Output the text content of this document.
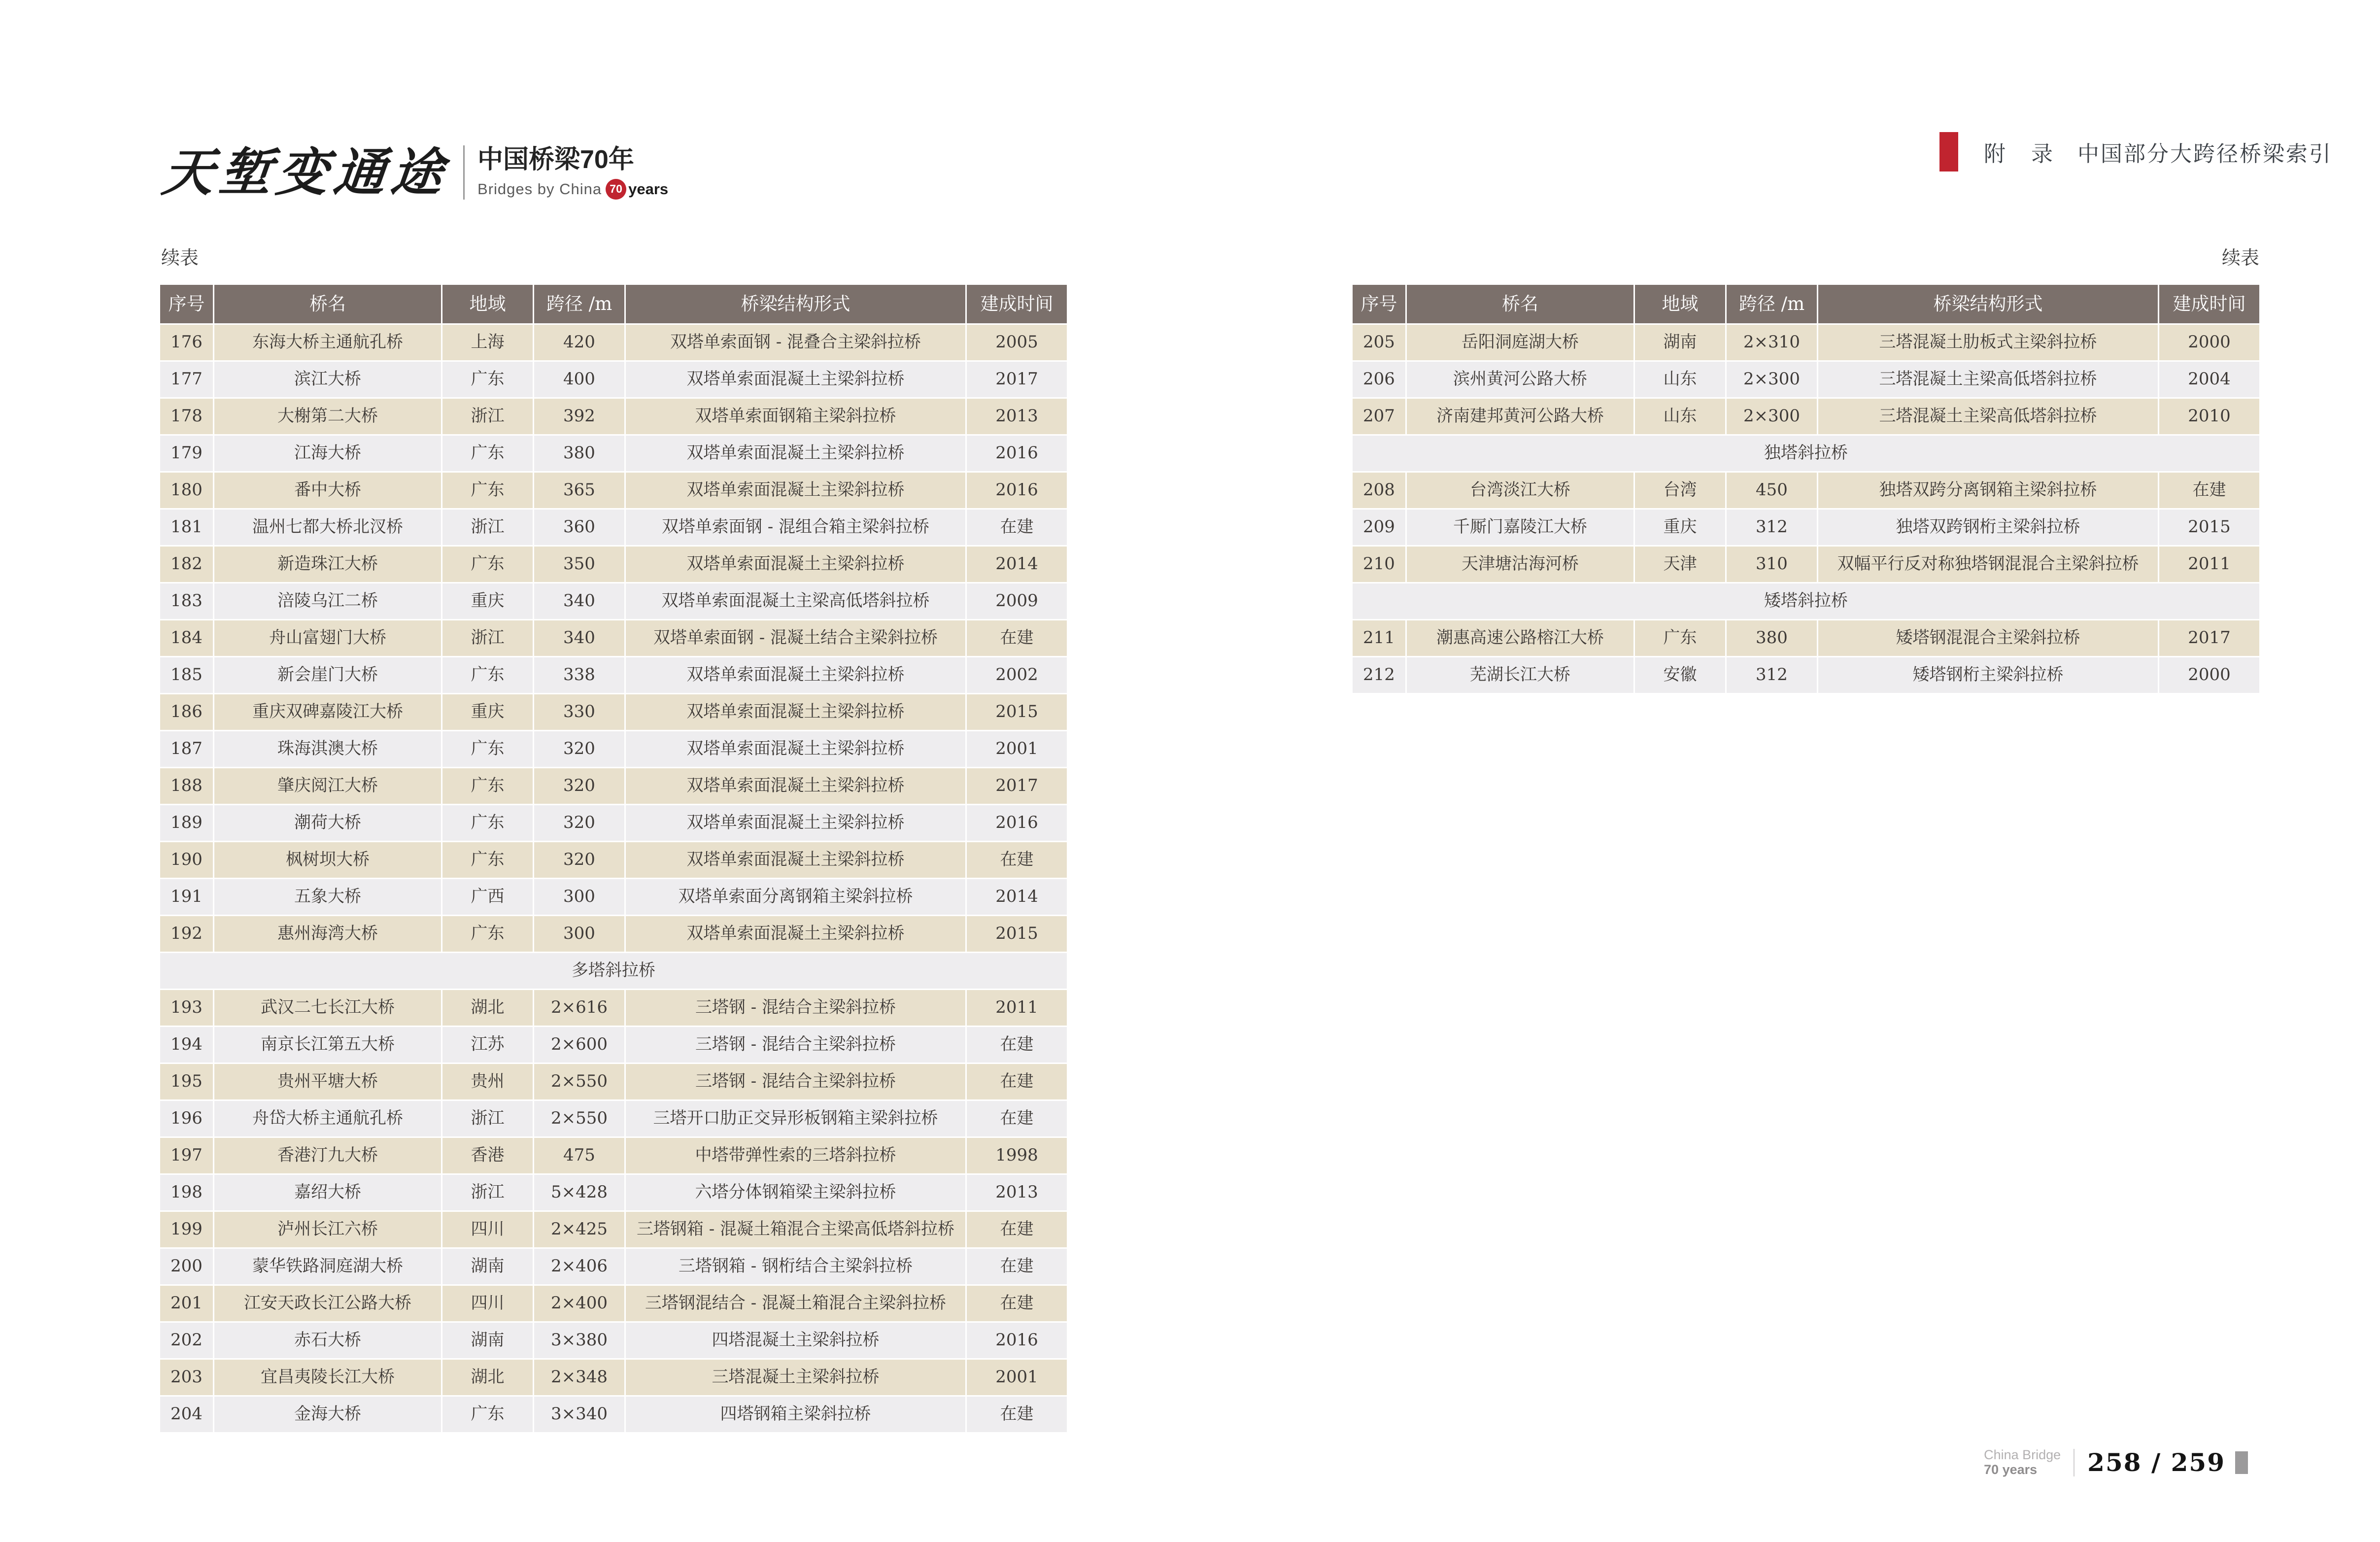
天堑变通途 中国桥梁70年
Bridges by China 70 years
附　录 中国部分大跨径桥梁索引
续表	续表
序号	桥名	地域	跨径 /m	桥梁结构形式	建成时间
176	东海大桥主通航孔桥	上海	420	双塔单索面钢 - 混叠合主梁斜拉桥	2005
177	滨江大桥	广东	400	双塔单索面混凝土主梁斜拉桥	2017
178	大榭第二大桥	浙江	392	双塔单索面钢箱主梁斜拉桥	2013
179	江海大桥	广东	380	双塔单索面混凝土主梁斜拉桥	2016
180	番中大桥	广东	365	双塔单索面混凝土主梁斜拉桥	2016
181	温州七都大桥北汊桥	浙江	360	双塔单索面钢 - 混组合箱主梁斜拉桥	在建
182	新造珠江大桥	广东	350	双塔单索面混凝土主梁斜拉桥	2014
183	涪陵乌江二桥	重庆	340	双塔单索面混凝土主梁高低塔斜拉桥	2009
184	舟山富翅门大桥	浙江	340	双塔单索面钢 - 混凝土结合主梁斜拉桥	在建
185	新会崖门大桥	广东	338	双塔单索面混凝土主梁斜拉桥	2002
186	重庆双碑嘉陵江大桥	重庆	330	双塔单索面混凝土主梁斜拉桥	2015
187	珠海淇澳大桥	广东	320	双塔单索面混凝土主梁斜拉桥	2001
188	肇庆阅江大桥	广东	320	双塔单索面混凝土主梁斜拉桥	2017
189	潮荷大桥	广东	320	双塔单索面混凝土主梁斜拉桥	2016
190	枫树坝大桥	广东	320	双塔单索面混凝土主梁斜拉桥	在建
191	五象大桥	广西	300	双塔单索面分离钢箱主梁斜拉桥	2014
192	惠州海湾大桥	广东	300	双塔单索面混凝土主梁斜拉桥	2015
多塔斜拉桥
193	武汉二七长江大桥	湖北	2×616	三塔钢 - 混结合主梁斜拉桥	2011
194	南京长江第五大桥	江苏	2×600	三塔钢 - 混结合主梁斜拉桥	在建
195	贵州平塘大桥	贵州	2×550	三塔钢 - 混结合主梁斜拉桥	在建
196	舟岱大桥主通航孔桥	浙江	2×550	三塔开口肋正交异形板钢箱主梁斜拉桥	在建
197	香港汀九大桥	香港	475	中塔带弹性索的三塔斜拉桥	1998
198	嘉绍大桥	浙江	5×428	六塔分体钢箱梁主梁斜拉桥	2013
199	泸州长江六桥	四川	2×425	三塔钢箱 - 混凝土箱混合主梁高低塔斜拉桥	在建
200	蒙华铁路洞庭湖大桥	湖南	2×406	三塔钢箱 - 钢桁结合主梁斜拉桥	在建
201	江安天政长江公路大桥	四川	2×400	三塔钢混结合 - 混凝土箱混合主梁斜拉桥	在建
202	赤石大桥	湖南	3×380	四塔混凝土主梁斜拉桥	2016
203	宜昌夷陵长江大桥	湖北	2×348	三塔混凝土主梁斜拉桥	2001
204	金海大桥	广东	3×340	四塔钢箱主梁斜拉桥	在建
序号	桥名	地域	跨径 /m	桥梁结构形式	建成时间
205	岳阳洞庭湖大桥	湖南	2×310	三塔混凝土肋板式主梁斜拉桥	2000
206	滨州黄河公路大桥	山东	2×300	三塔混凝土主梁高低塔斜拉桥	2004
207	济南建邦黄河公路大桥	山东	2×300	三塔混凝土主梁高低塔斜拉桥	2010
独塔斜拉桥
208	台湾淡江大桥	台湾	450	独塔双跨分离钢箱主梁斜拉桥	在建
209	千厮门嘉陵江大桥	重庆	312	独塔双跨钢桁主梁斜拉桥	2015
210	天津塘沽海河桥	天津	310	双幅平行反对称独塔钢混混合主梁斜拉桥	2011
矮塔斜拉桥
211	潮惠高速公路榕江大桥	广东	380	矮塔钢混混合主梁斜拉桥	2017
212	芜湖长江大桥	安徽	312	矮塔钢桁主梁斜拉桥	2000
China Bridge
70 years	258 / 259
